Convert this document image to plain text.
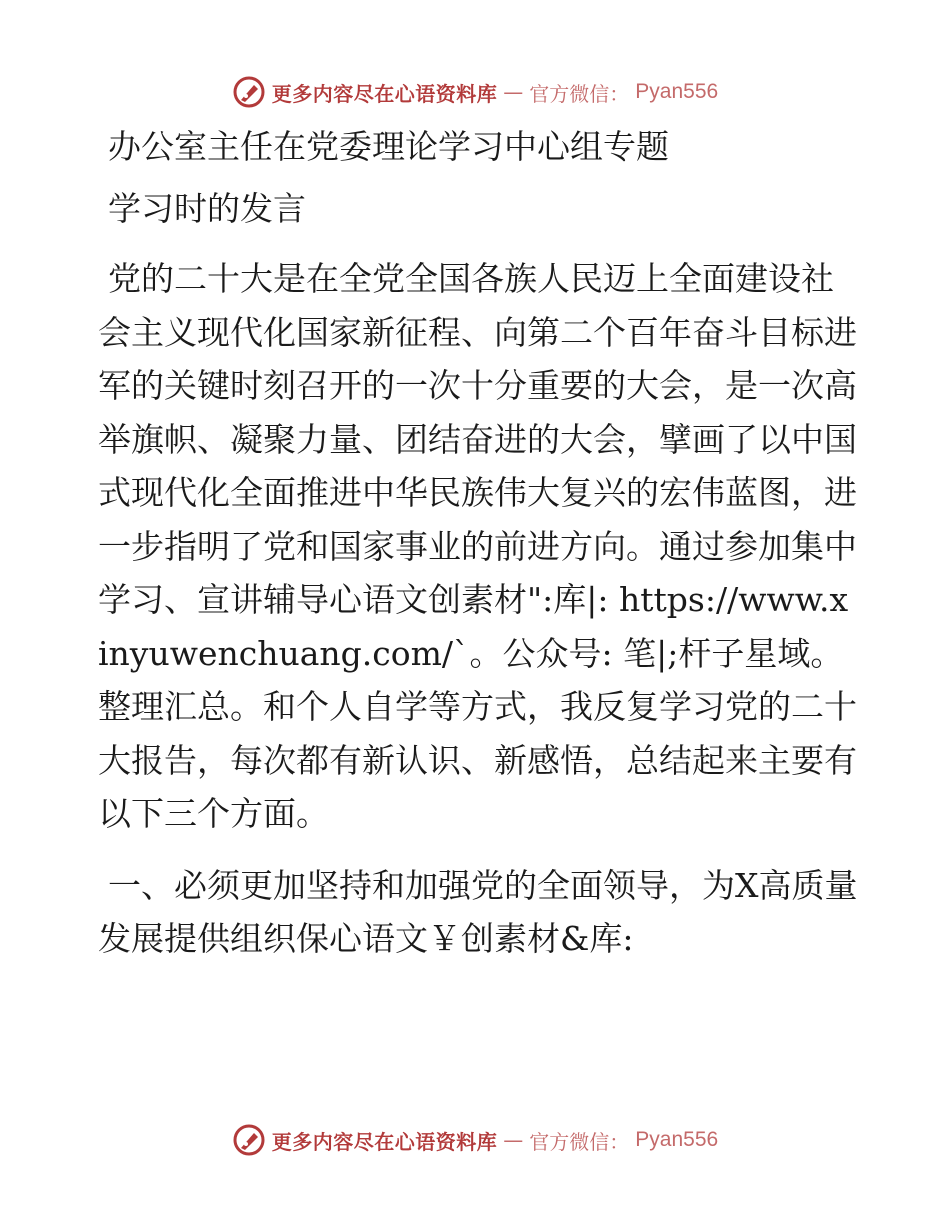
更多内容尽在心语资料库 — 官方微信： Pyan556

办公室主任在党委理论学习中心组专题

学习时的发言

党的二十大是在全党全国各族人民迈上全面建设社会主义现代化国家新征程、向第二个百年奋斗目标进军的关键时刻召开的一次十分重要的大会，是一次高举旗帜、凝聚力量、团结奋进的大会，擘画了以中国式现代化全面推进中华民族伟大复兴的宏伟蓝图，进一步指明了党和国家事业的前进方向。通过参加集中学习、宣讲辅导心语文创素材":库|: https://www.xinyuwenchuang.com/`。公众号: 笔|;杆子星域。整理汇总。和个人自学等方式，我反复学习党的二十大报告，每次都有新认识、新感悟，总结起来主要有以下三个方面。

一、必须更加坚持和加强党的全面领导，为X高质量发展提供组织保心语文￥创素材&库:

更多内容尽在心语资料库 — 官方微信： Pyan556
